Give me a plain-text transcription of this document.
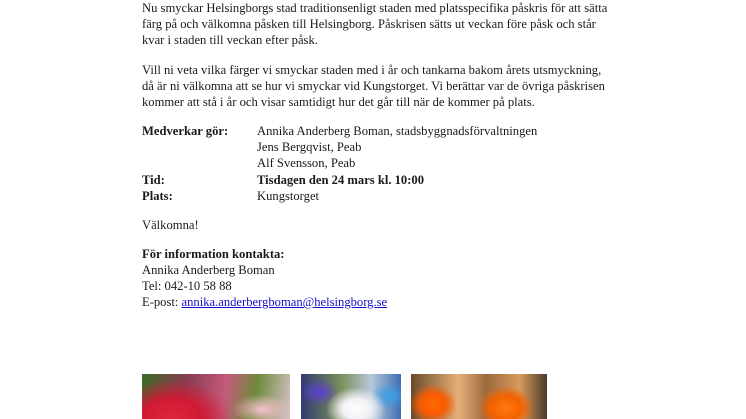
Nu smyckar Helsingborgs stad traditionsenligt staden med platsspecifika påskris för att sätta färg på och välkomna påsken till Helsingborg. Påskrisen sätts ut veckan före påsk och står kvar i staden till veckan efter påsk.

Vill ni veta vilka färger vi smyckar staden med i år och tankarna bakom årets utsmyckning, då är ni välkomna att se hur vi smyckar vid Kungstorget. Vi berättar var de övriga påskrisen kommer att stå i år och visar samtidigt hur det går till när de kommer på plats.

Medverkar gör: Annika Anderberg Boman, stadsbyggnadsförvaltningen
Jens Bergqvist, Peab
Alf Svensson, Peab
Tid:	Tisdagen den 24 mars kl. 10:00
Plats:	Kungstorget
Välkomna!
För information kontakta:
Annika Anderberg Boman
Tel: 042-10 58 88
E-post: annika.anderbergboman@helsingborg.se
